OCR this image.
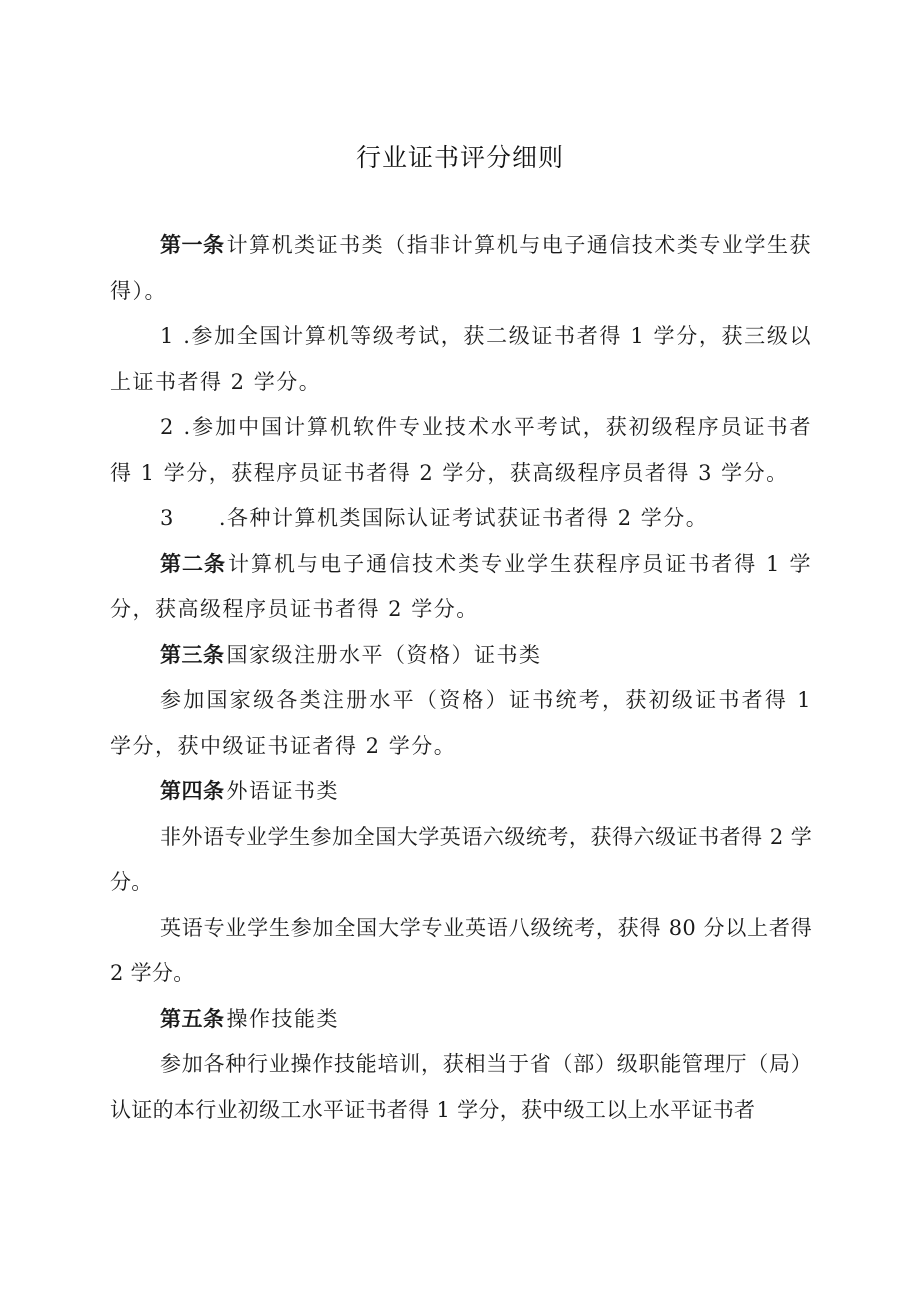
行业证书评分细则

第一条计算机类证书类（指非计算机与电子通信技术类专业学生获得）。

1 .参加全国计算机等级考试，获二级证书者得 1 学分，获三级以上证书者得 2 学分。

2 .参加中国计算机软件专业技术水平考试，获初级程序员证书者得 1 学分，获程序员证书者得 2 学分，获高级程序员者得 3 学分。

3 .各种计算机类国际认证考试获证书者得 2 学分。

第二条计算机与电子通信技术类专业学生获程序员证书者得 1 学分，获高级程序员证书者得 2 学分。

第三条国家级注册水平（资格）证书类

参加国家级各类注册水平（资格）证书统考，获初级证书者得 1 学分，获中级证书证者得 2 学分。

第四条外语证书类

非外语专业学生参加全国大学英语六级统考，获得六级证书者得 2 学分。

英语专业学生参加全国大学专业英语八级统考，获得 80 分以上者得 2 学分。

第五条操作技能类

参加各种行业操作技能培训，获相当于省（部）级职能管理厅（局）认证的本行业初级工水平证书者得 1 学分，获中级工以上水平证书者
